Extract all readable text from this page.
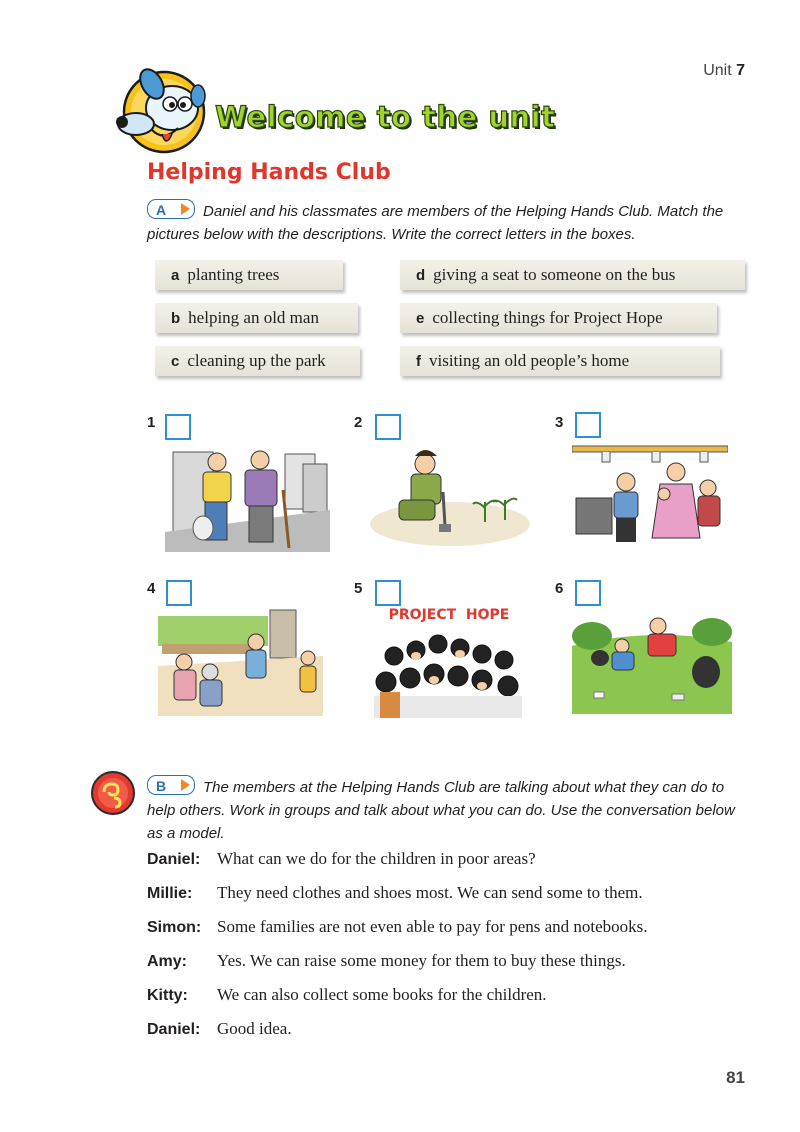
Unit 7
Welcome to the unit
Helping Hands Club
A Daniel and his classmates are members of the Helping Hands Club. Match the pictures below with the descriptions. Write the correct letters in the boxes.
a planting trees
b helping an old man
c cleaning up the park
d giving a seat to someone on the bus
e collecting things for Project Hope
f visiting an old people’s home
1	2	3
4	5
PROJECT  HOPE
6
B The members at the Helping Hands Club are talking about what they can do to help others. Work in groups and talk about what you can do. Use the conversation below as a model.
Daniel: What can we do for the children in poor areas?
Millie: They need clothes and shoes most. We can send some to them.
Simon: Some families are not even able to pay for pens and notebooks.
Amy: Yes. We can raise some money for them to buy these things.
Kitty: We can also collect some books for the children.
Daniel: Good idea.
81
